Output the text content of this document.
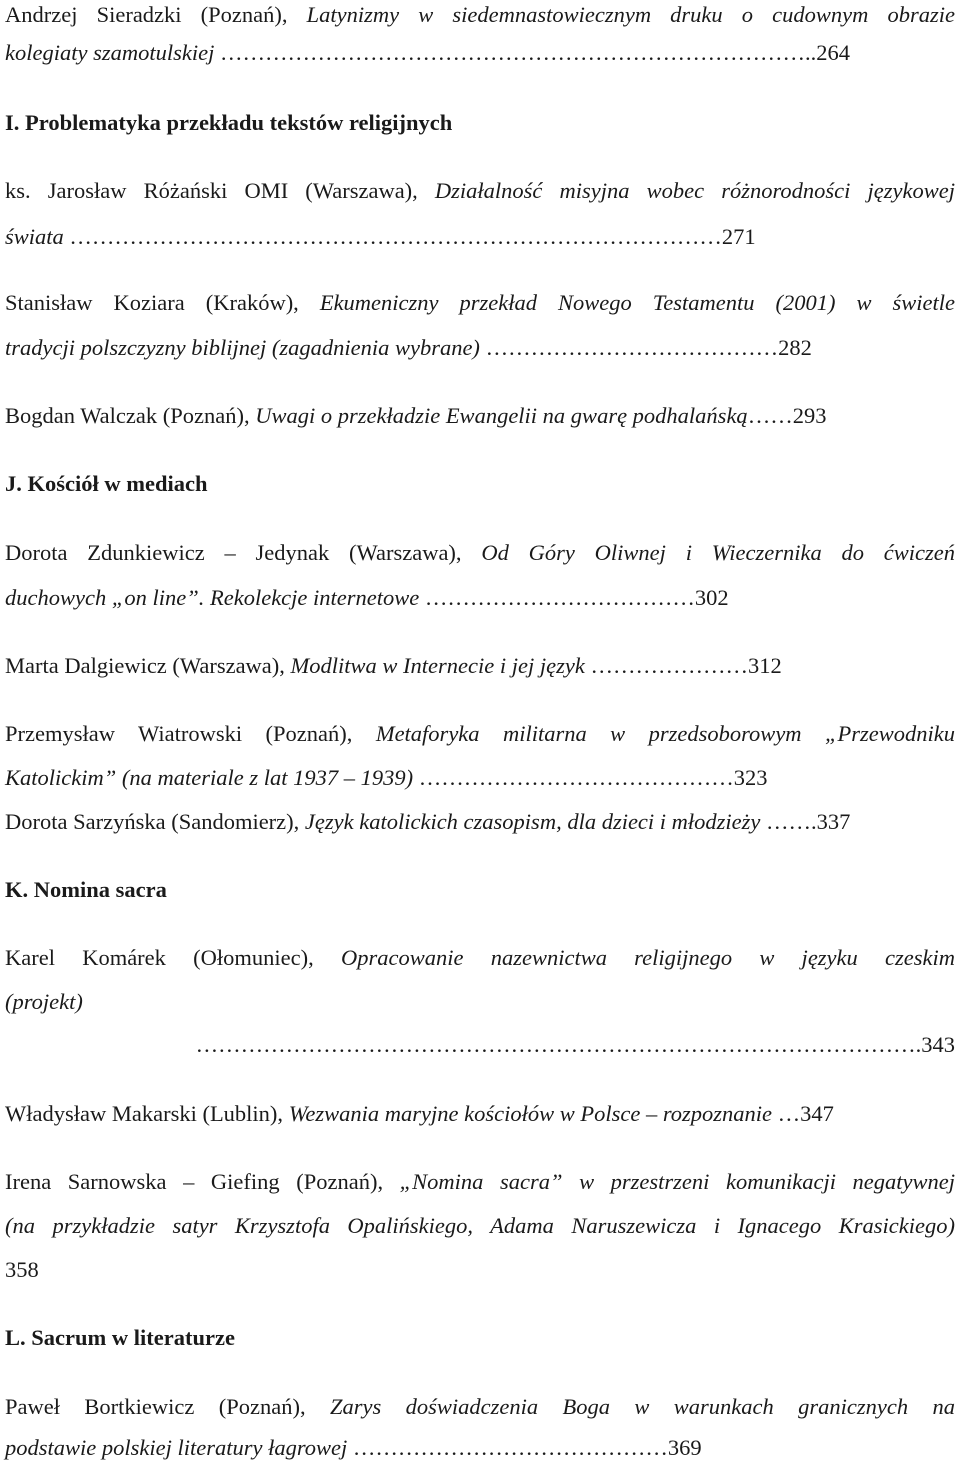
Andrzej Sieradzki (Poznań), Latynizmy w siedemnastowiecznym druku o cudownym obrazie
kolegiaty szamotulskiej ……………………………………………………………………..264
I. Problematyka przekładu tekstów religijnych
ks. Jarosław Różański OMI (Warszawa), Działalność misyjna wobec różnorodności językowej
świata ……………………………………………………………………………271
Stanisław Koziara (Kraków), Ekumeniczny przekład Nowego Testamentu (2001) w świetle
tradycji polszczyzny biblijnej (zagadnienia wybrane) …………………………………282
Bogdan Walczak (Poznań), Uwagi o przekładzie Ewangelii na gwarę podhalańską……293
J. Kościół w mediach
Dorota Zdunkiewicz – Jedynak (Warszawa), Od Góry Oliwnej i Wieczernika do ćwiczeń
duchowych „on line”. Rekolekcje internetowe ………………………………302
Marta Dalgiewicz (Warszawa), Modlitwa w Internecie i jej język …………………312
Przemysław Wiatrowski (Poznań), Metaforyka militarna w przedsoborowym „Przewodniku
Katolickim” (na materiale z lat 1937 – 1939) ……………………………………323
Dorota Sarzyńska (Sandomierz), Język katolickich czasopism, dla dzieci i młodzieży …….337
K. Nomina sacra
Karel Komárek (Ołomuniec), Opracowanie nazewnictwa religijnego w języku czeskim
(projekt)
…………………………………………………………………………………….343
Władysław Makarski (Lublin), Wezwania maryjne kościołów w Polsce – rozpoznanie …347
Irena Sarnowska – Giefing (Poznań), „Nomina sacra” w przestrzeni komunikacji negatywnej
(na przykładzie satyr Krzysztofa Opalińskiego, Adama Naruszewicza i Ignacego Krasickiego)
358
L. Sacrum w literaturze
Paweł Bortkiewicz (Poznań), Zarys doświadczenia Boga w warunkach granicznych na
podstawie polskiej literatury łagrowej ……………………………………369
